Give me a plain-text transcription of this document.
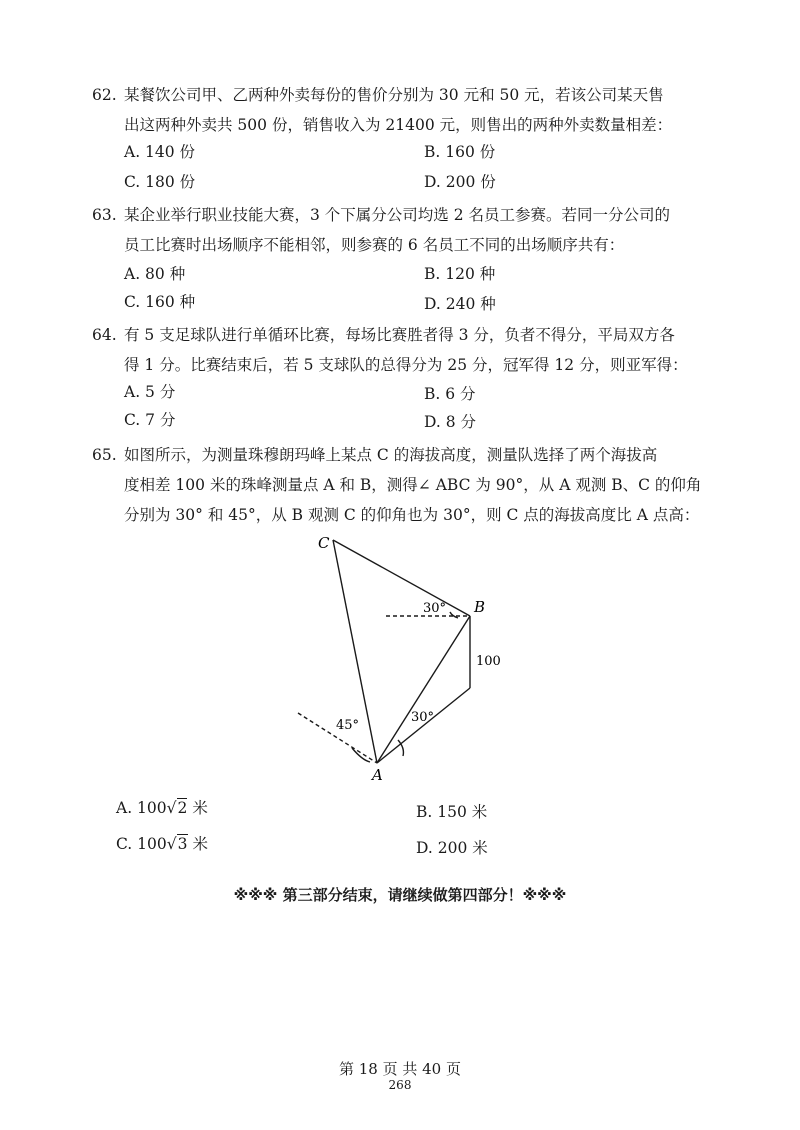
62. 某餐饮公司甲、乙两种外卖每份的售价分别为 30 元和 50 元，若该公司某天售
出这两种外卖共 500 份，销售收入为 21400 元，则售出的两种外卖数量相差：
A. 140 份	B. 160 份
C. 180 份	D. 200 份
63. 某企业举行职业技能大赛，3 个下属分公司均选 2 名员工参赛。若同一分公司的
员工比赛时出场顺序不能相邻，则参赛的 6 名员工不同的出场顺序共有：
A. 80 种	B. 120 种
C. 160 种	D. 240 种
64. 有 5 支足球队进行单循环比赛，每场比赛胜者得 3 分，负者不得分，平局双方各
得 1 分。比赛结束后，若 5 支球队的总得分为 25 分，冠军得 12 分，则亚军得：
A. 5 分	B. 6 分
C. 7 分	D. 8 分
65. 如图所示，为测量珠穆朗玛峰上某点 C 的海拔高度，测量队选择了两个海拔高
度相差 100 米的珠峰测量点 A 和 B，测得∠ ABC 为 90°，从 A 观测 B、C 的仰角
分别为 30° 和 45°，从 B 观测 C 的仰角也为 30°，则 C 点的海拔高度比 A 点高：
C
B
A
30°
45°
30°
100
A. 100√2 米	B. 150 米
C. 100√3 米	D. 200 米
※※※ 第三部分结束，请继续做第四部分！※※※
第 18 页 共 40 页
268
